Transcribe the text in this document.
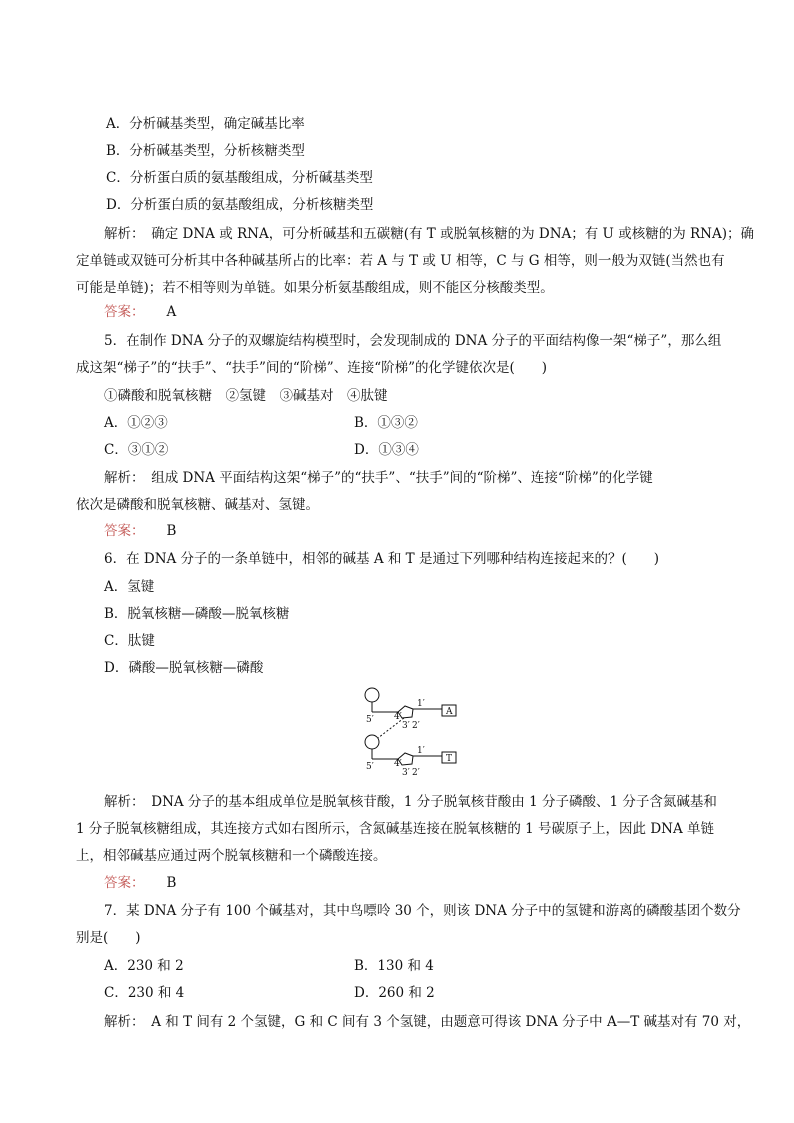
A．分析碱基类型，确定碱基比率
B．分析碱基类型，分析核糖类型
C．分析蛋白质的氨基酸组成，分析碱基类型
D．分析蛋白质的氨基酸组成，分析核糖类型
解析：　确定 DNA 或 RNA，可分析碱基和五碳糖(有 T 或脱氧核糖的为 DNA；有 U 或核糖的为 RNA)；确
定单链或双链可分析其中各种碱基所占的比率：若 A 与 T 或 U 相等，C 与 G 相等，则一般为双链(当然也有
可能是单链)；若不相等则为单链。如果分析氨基酸组成，则不能区分核酸类型。
答案： A
5．在制作 DNA 分子的双螺旋结构模型时，会发现制成的 DNA 分子的平面结构像一架“梯子”，那么组
成这架“梯子”的“扶手”、“扶手”间的“阶梯”、连接“阶梯”的化学键依次是(　　)
①磷酸和脱氧核糖　②氢键　③碱基对　④肽键
A．①②③	B．①③②
C．③①②	D．①③④
解析：　组成 DNA 平面结构这架“梯子”的“扶手”、“扶手”间的“阶梯”、连接“阶梯”的化学键
依次是磷酸和脱氧核糖、碱基对、氢键。
答案： B
6．在 DNA 分子的一条单链中，相邻的碱基 A 和 T 是通过下列哪种结构连接起来的？(　　)
A．氢键
B．脱氧核糖—磷酸—脱氧核糖
C．肽键
D．磷酸—脱氧核糖—磷酸
A
5′ 4′
3′ 2′
1′
T
5′ 4′
3′ 2′
1′
解析：　DNA 分子的基本组成单位是脱氧核苷酸，1 分子脱氧核苷酸由 1 分子磷酸、1 分子含氮碱基和
1 分子脱氧核糖组成，其连接方式如右图所示，含氮碱基连接在脱氧核糖的 1 号碳原子上，因此 DNA 单链
上，相邻碱基应通过两个脱氧核糖和一个磷酸连接。
答案： B
7．某 DNA 分子有 100 个碱基对，其中鸟嘌呤 30 个，则该 DNA 分子中的氢键和游离的磷酸基团个数分
别是(　　)
A．230 和 2	B．130 和 4
C．230 和 4	D．260 和 2
解析：　A 和 T 间有 2 个氢键，G 和 C 间有 3 个氢键，由题意可得该 DNA 分子中 A—T 碱基对有 70 对，
